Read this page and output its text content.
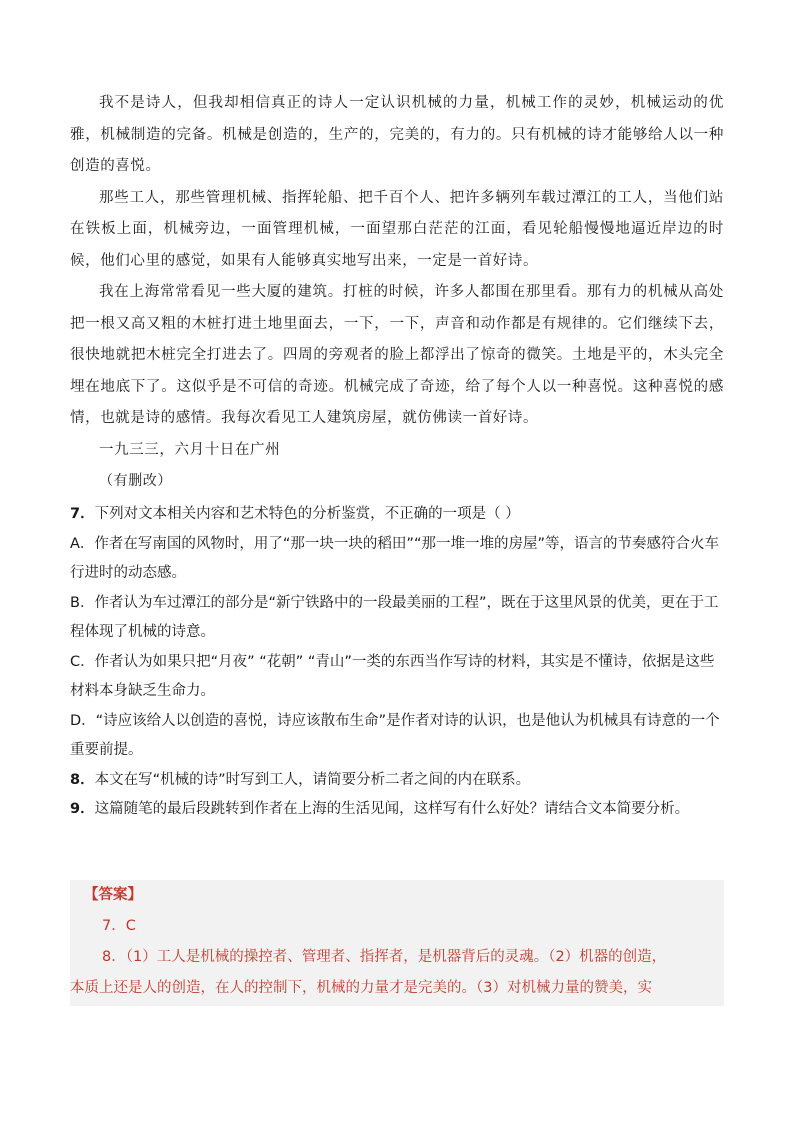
我不是诗人，但我却相信真正的诗人一定认识机械的力量，机械工作的灵妙，机械运动的优雅，机械制造的完备。机械是创造的，生产的，完美的，有力的。只有机械的诗才能够给人以一种创造的喜悦。

那些工人，那些管理机械、指挥轮船、把千百个人、把许多辆列车载过潭江的工人，当他们站在铁板上面，机械旁边，一面管理机械，一面望那白茫茫的江面，看见轮船慢慢地逼近岸边的时候，他们心里的感觉，如果有人能够真实地写出来，一定是一首好诗。

我在上海常常看见一些大厦的建筑。打桩的时候，许多人都围在那里看。那有力的机械从高处把一根又高又粗的木桩打进土地里面去，一下，一下，声音和动作都是有规律的。它们继续下去，很快地就把木桩完全打进去了。四周的旁观者的脸上都浮出了惊奇的微笑。土地是平的，木头完全埋在地底下了。这似乎是不可信的奇迹。机械完成了奇迹，给了每个人以一种喜悦。这种喜悦的感情，也就是诗的感情。我每次看见工人建筑房屋，就仿佛读一首好诗。

一九三三，六月十日在广州

（有删改）

7．下列对文本相关内容和艺术特色的分析鉴赏，不正确的一项是（ ）

A．作者在写南国的风物时，用了“那一块一块的稻田”“那一堆一堆的房屋”等，语言的节奏感符合火车行进时的动态感。

B．作者认为车过潭江的部分是“新宁铁路中的一段最美丽的工程”，既在于这里风景的优美，更在于工程体现了机械的诗意。

C．作者认为如果只把“月夜” “花朝” “青山”一类的东西当作写诗的材料，其实是不懂诗，依据是这些材料本身缺乏生命力。

D．“诗应该给人以创造的喜悦，诗应该散布生命”是作者对诗的认识，也是他认为机械具有诗意的一个重要前提。

8．本文在写“机械的诗”时写到工人，请简要分析二者之间的内在联系。

9．这篇随笔的最后段跳转到作者在上海的生活见闻，这样写有什么好处？请结合文本简要分析。

【答案】

7．C

8．（1）工人是机械的操控者、管理者、指挥者，是机器背后的灵魂。（2）机器的创造，

本质上还是人的创造，在人的控制下，机械的力量才是完美的。（3）对机械力量的赞美，实
